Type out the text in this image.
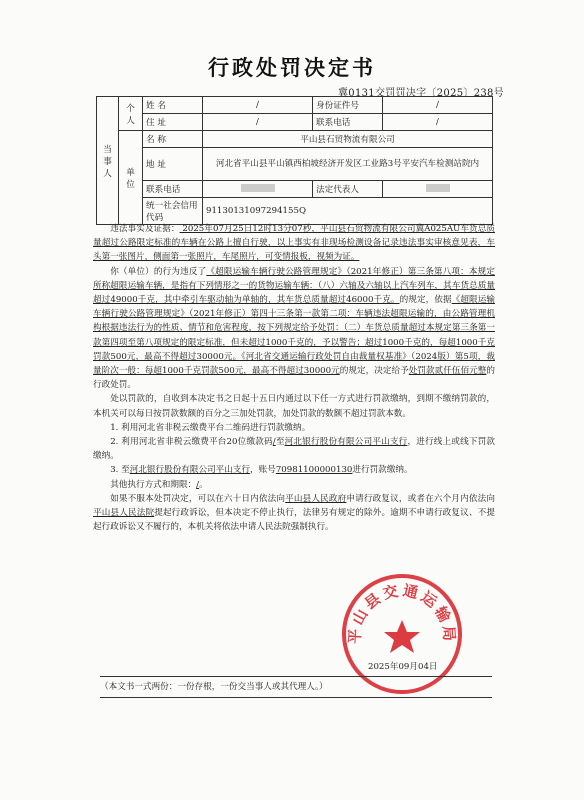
行政处罚决定书
冀0131交罚罚决字〔2025〕238号
当事人	个人	姓 名	/	身份证件号	/
		住 址	/	联系电话	/
	单位	名 称	平山县石贸物流有限公司		
		地 址	河北省平山县平山镇西柏坡经济开发区工业路3号平安汽车检测站院内		
		联系电话		法定代表人	
		统一社会信用代码	91130131097294155Q		

违法事实及证据： 2025年07月25日12时13分07秒，平山县石贸物流有限公司冀A025AU车货总质量超过公路限定标准的车辆在公路上擅自行驶，以上事实有非现场检测设备记录违法事实审核意见表，车头第一张图片，侧面第一张照片，车尾照片，可变情报板，视频为证。

你（单位）的行为违反了《超限运输车辆行驶公路管理规定》（2021年修正）第三条第八项：本规定所称超限运输车辆，是指有下列情形之一的货物运输车辆：（八）六轴及六轴以上汽车列车，其车货总质量超过49000千克，其中牵引车驱动轴为单轴的，其车货总质量超过46000千克。的规定，依据《超限运输车辆行驶公路管理规定》（2021年修正）第四十三条第一款第二项：车辆违法超限运输的，由公路管理机构根据违法行为的性质、情节和危害程度，按下列规定给予处罚：（二）车货总质量超过本规定第三条第一款第四项至第八项规定的限定标准，但未超过1000千克的，予以警告；超过1000千克的，每超1000千克罚款500元，最高不得超过30000元。《河北省交通运输行政处罚自由裁量权基准》（2024版）第5项，裁量阶次一般：每超1000千克罚款500元，最高不得超过30000元的规定，决定给予处罚款贰仟伍佰元整的行政处罚。

处以罚款的，自收到本决定书之日起十五日内通过以下任一方式进行罚款缴纳，到期不缴纳罚款的，本机关可以每日按罚款数额的百分之三加处罚款，加处罚款的数额不超过罚款本数。

1. 利用河北省非税云缴费平台二维码进行罚款缴纳。

2. 利用河北省非税云缴费平台20位缴款码/至河北银行股份有限公司平山支行，进行线上或线下罚款缴纳。

3. 至河北银行股份有限公司平山支行，账号70981100000130进行罚款缴纳。

其他执行方式和期限：/。

如果不服本处罚决定，可以在六十日内依法向平山县人民政府申请行政复议，或者在六个月内依法向平山县人民法院提起行政诉讼，但本决定不停止执行，法律另有规定的除外。逾期不申请行政复议、不提起行政诉讼又不履行的，本机关将依法申请人民法院强制执行。

平山县交通运输局
2025年09月04日
（本文书一式两份：一份存根，一份交当事人或其代理人。）
